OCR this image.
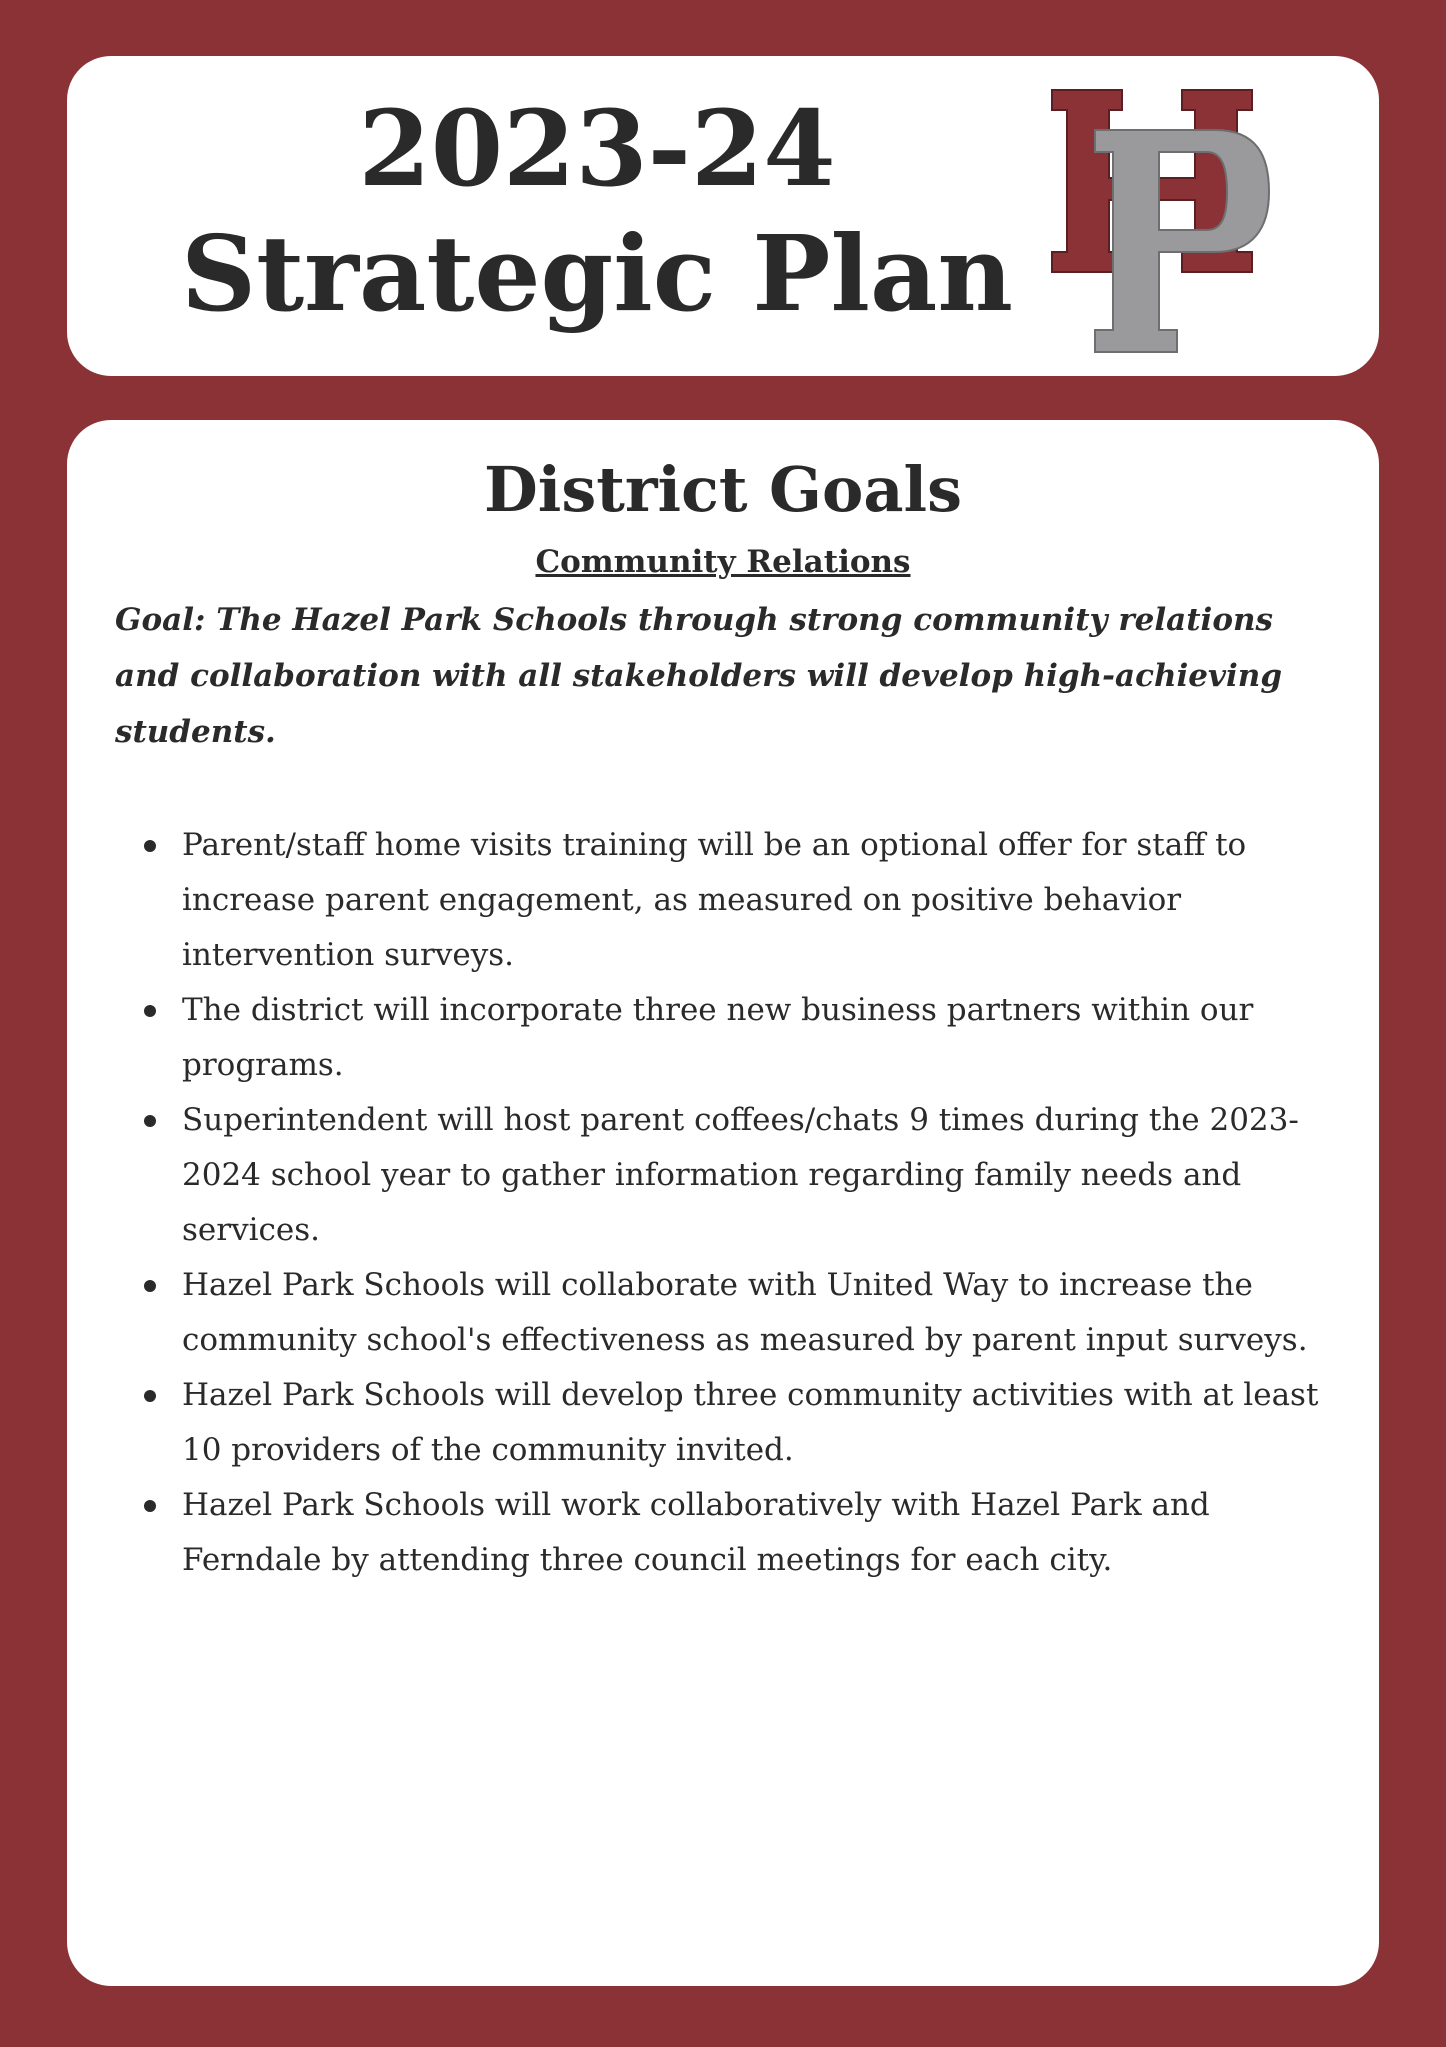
2023-24
Strategic Plan
District Goals
Community Relations
Goal: The Hazel Park Schools through strong community relations and collaboration with all stakeholders will develop high-achieving students.
Parent/staff home visits training will be an optional offer for staff to increase parent engagement, as measured on positive behavior intervention surveys.
The district will incorporate three new business partners within our programs.
Superintendent will host parent coffees/chats 9 times during the 2023-2024 school year to gather information regarding family needs and services.
Hazel Park Schools will collaborate with United Way to increase the community school's effectiveness as measured by parent input surveys.
Hazel Park Schools will develop three community activities with at least 10 providers of the community invited.
Hazel Park Schools will work collaboratively with Hazel Park and Ferndale by attending three council meetings for each city.
